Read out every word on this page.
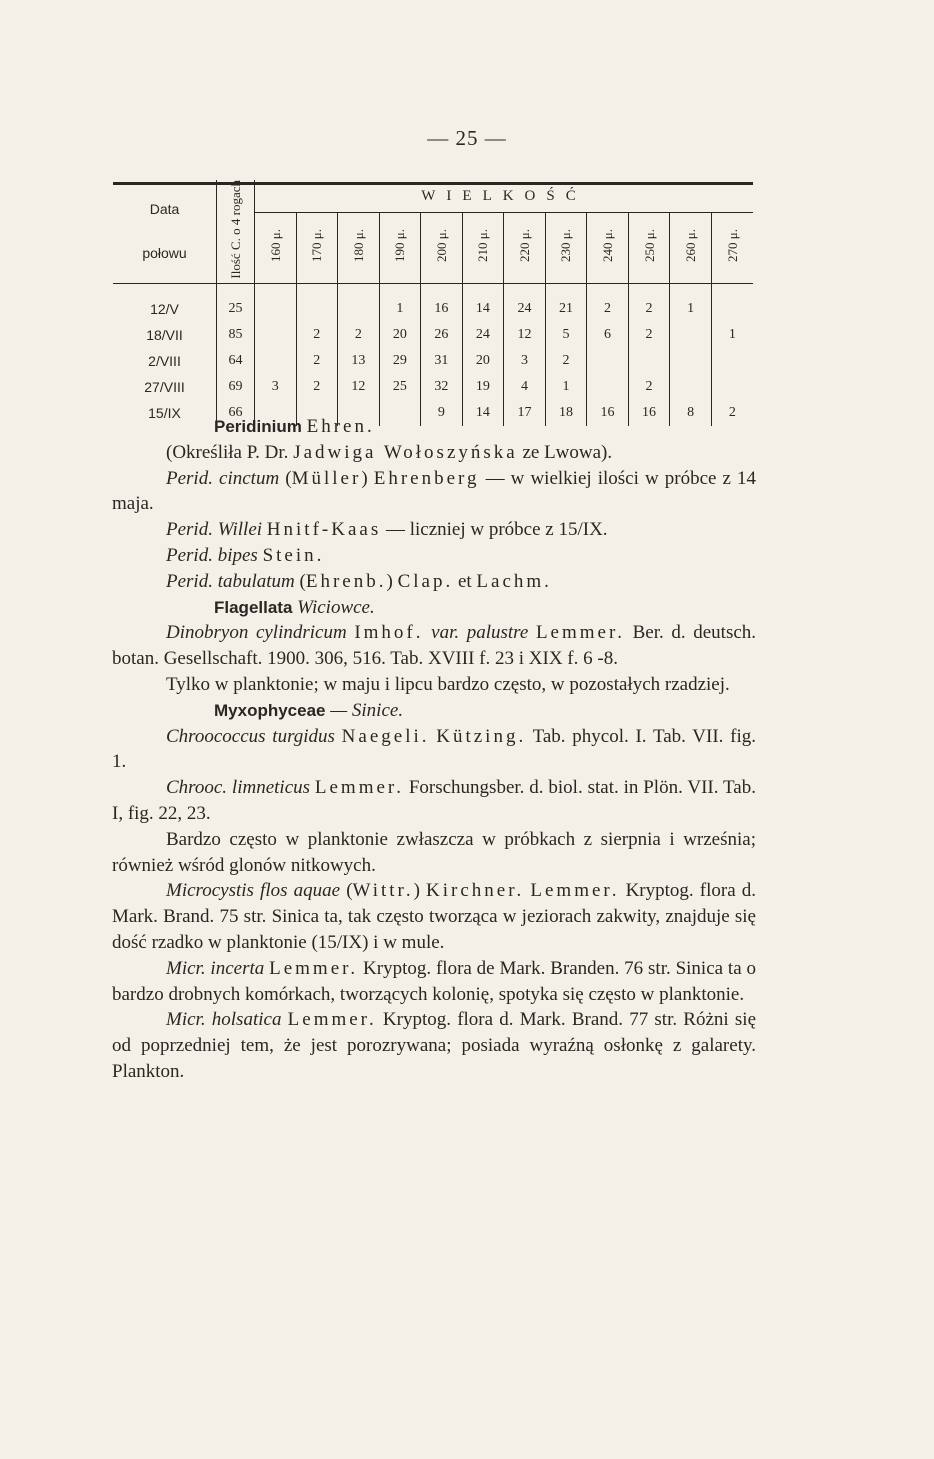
— 25 —
Data
połowu	Ilość C. o 4 rogach	WIELKOŚĆ											
		160 μ.	170 μ.	180 μ.	190 μ.	200 μ.	210 μ.	220 μ.	230 μ.	240 μ.	250 μ.	260 μ.	270 μ.

12/V	25				1	16	14	24	21	2	2	1	
18/VII	85		2	2	20	26	24	12	5	6	2		1
2/VIII	64		2	13	29	31	20	3	2				
27/VIII	69	3	2	12	25	32	19	4	1		2		
15/IX	66					9	14	17	18	16	16	8	2

Peridinium Ehren.

(Określiła P. Dr. Jadwiga Wołoszyńska ze Lwowa).

Perid. cinctum (Müller) Ehrenberg — w wielkiej ilości w próbce z 14 maja.

Perid. Willei Hnitf-Kaas — liczniej w próbce z 15/IX.

Perid. bipes Stein.

Perid. tabulatum (Ehrenb.) Clap. et Lachm.

Flagellata Wiciowce.

Dinobryon cylindricum Imhof. var. palustre Lemmer. Ber. d. deutsch. botan. Gesellschaft. 1900. 306, 516. Tab. XVIII f. 23 i XIX f. 6 -8.

Tylko w planktonie; w maju i lipcu bardzo często, w pozostałych rzadziej.

Myxophyceae — Sinice.

Chroococcus turgidus Naegeli. Kützing. Tab. phycol. I. Tab. VII. fig. 1.

Chrooc. limneticus Lemmer. Forschungsber. d. biol. stat. in Plön. VII. Tab. I, fig. 22, 23.

Bardzo często w planktonie zwłaszcza w próbkach z sierpnia i września; również wśród glonów nitkowych.

Microcystis flos aquae (Wittr.) Kirchner. Lemmer. Kryptog. flora d. Mark. Brand. 75 str. Sinica ta, tak często tworząca w jeziorach zakwity, znajduje się dość rzadko w planktonie (15/IX) i w mule.

Micr. incerta Lemmer. Kryptog. flora de Mark. Branden. 76 str. Sinica ta o bardzo drobnych komórkach, tworzących kolonię, spotyka się często w planktonie.

Micr. holsatica Lemmer. Kryptog. flora d. Mark. Brand. 77 str. Różni się od poprzedniej tem, że jest porozrywana; posiada wyraźną osłonkę z galarety. Plankton.
